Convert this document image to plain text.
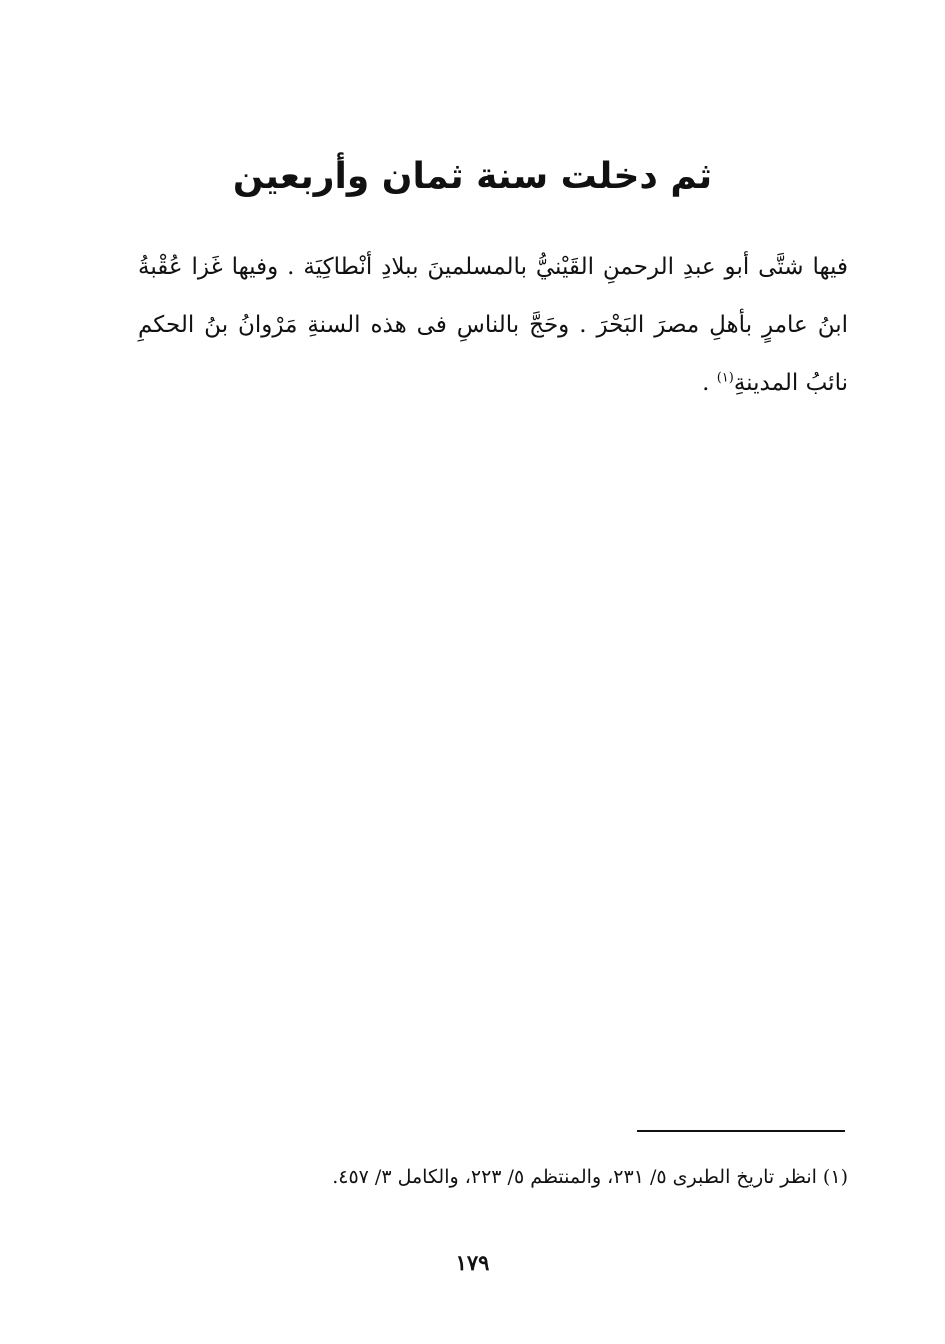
ثم دخلت سنة ثمان وأربعين
فيها شتَّى أبو عبدِ الرحمنِ القَيْنيُّ بالمسلمينَ ببلادِ أنْطاكِيَة . وفيها غَزا عُقْبةُ ابنُ عامرٍ بأهلِ مصرَ البَحْرَ . وحَجَّ بالناسِ فى هذه السنةِ مَرْوانُ بنُ الحكمِ نائبُ المدينةِ$^{(١)}$ .
(١) انظر تاريخ الطبرى ٥/ ٢٣١، والمنتظم ٥/ ٢٢٣، والكامل ٣/ ٤٥٧.
١٧٩
